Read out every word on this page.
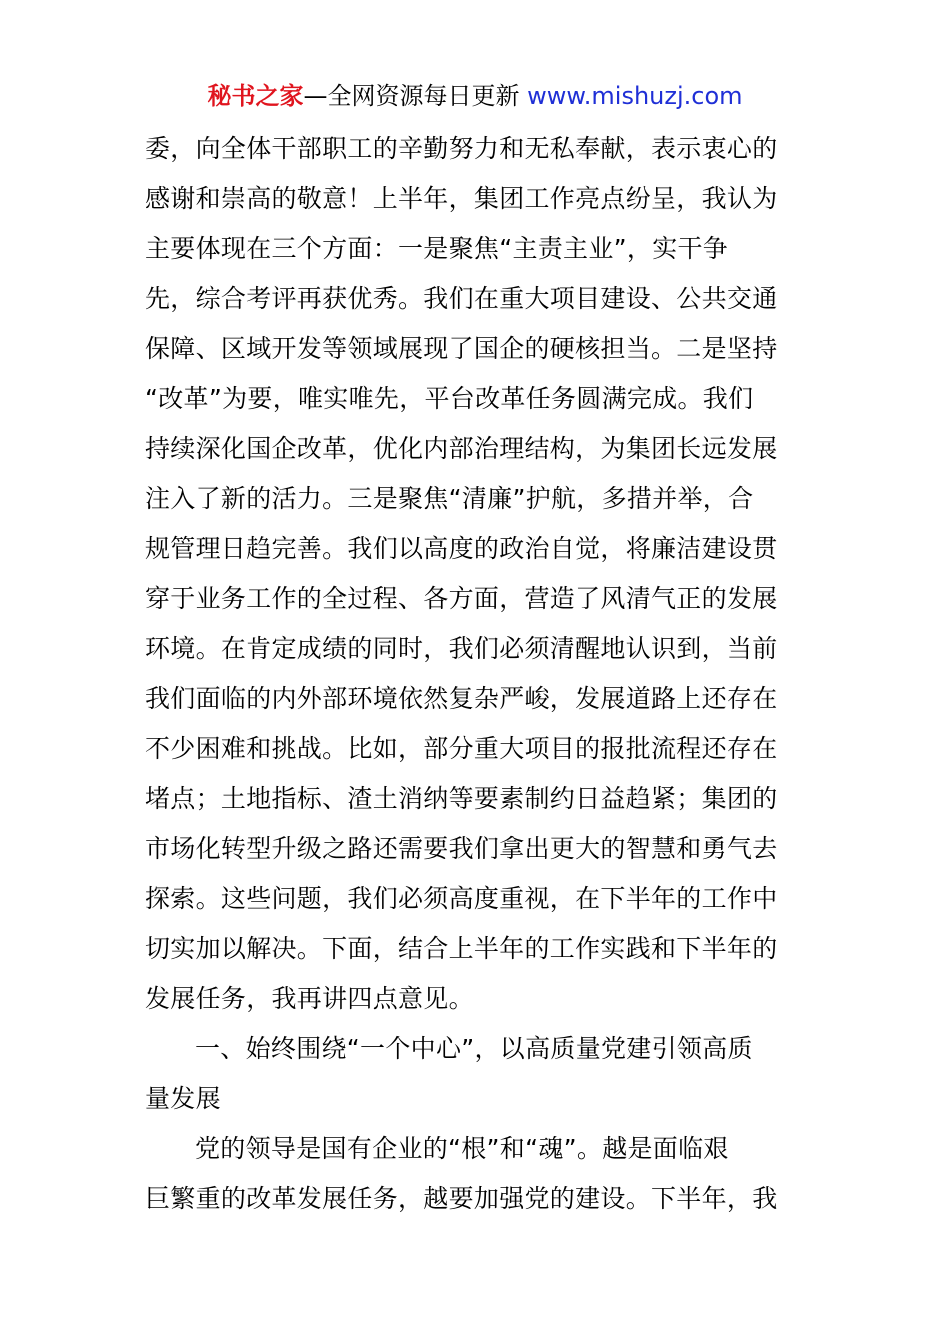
秘书之家—全网资源每日更新 www.mishuzj.com
委，向全体干部职工的辛勤努力和无私奉献，表示衷心的
感谢和崇高的敬意！上半年，集团工作亮点纷呈，我认为
主要体现在三个方面：一是聚焦“主责主业”，实干争
先，综合考评再获优秀。我们在重大项目建设、公共交通
保障、区域开发等领域展现了国企的硬核担当。二是坚持
“改革”为要，唯实唯先，平台改革任务圆满完成。我们
持续深化国企改革，优化内部治理结构，为集团长远发展
注入了新的活力。三是聚焦“清廉”护航，多措并举，合
规管理日趋完善。我们以高度的政治自觉，将廉洁建设贯
穿于业务工作的全过程、各方面，营造了风清气正的发展
环境。在肯定成绩的同时，我们必须清醒地认识到，当前
我们面临的内外部环境依然复杂严峻，发展道路上还存在
不少困难和挑战。比如，部分重大项目的报批流程还存在
堵点；土地指标、渣土消纳等要素制约日益趋紧；集团的
市场化转型升级之路还需要我们拿出更大的智慧和勇气去
探索。这些问题，我们必须高度重视，在下半年的工作中
切实加以解决。下面，结合上半年的工作实践和下半年的
发展任务，我再讲四点意见。
一、始终围绕“一个中心”，以高质量党建引领高质
量发展
党的领导是国有企业的“根”和“魂”。越是面临艰
巨繁重的改革发展任务，越要加强党的建设。下半年，我
